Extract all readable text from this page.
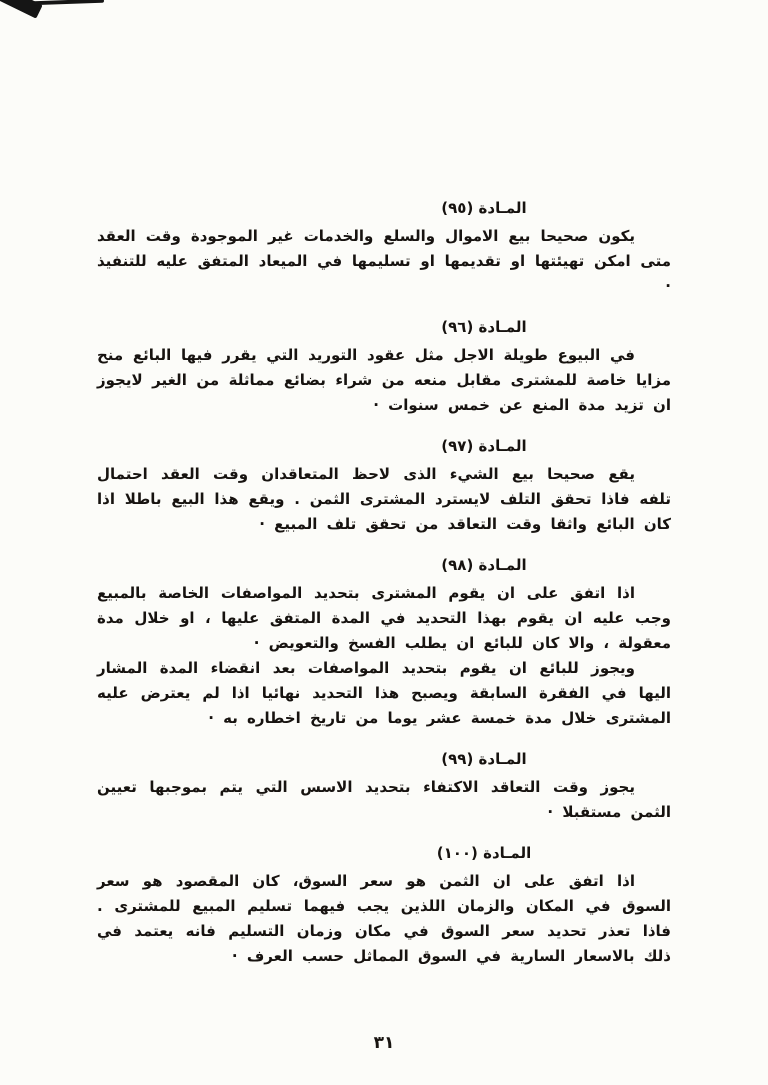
المـادة (٩٥)

يكون صحيحا بيع الاموال والسلع والخدمات غير الموجودة وقت العقد متى امكن تهيئتها او تقديمها او تسليمها في الميعاد المتفق عليه للتنفيذ ·

المـادة (٩٦)

في البيوع طويلة الاجل مثل عقود التوريد التي يقرر فيها البائع منح مزايا خاصة للمشترى مقابل منعه من شراء بضائع مماثلة من الغير لايجوز ان تزيد مدة المنع عن خمس سنوات ·

المـادة (٩٧)

يقع صحيحا بيع الشيء الذى لاحظ المتعاقدان وقت العقد احتمال تلفه فاذا تحقق التلف لايسترد المشترى الثمن . ويقع هذا البيع باطلا اذا كان البائع واثقا وقت التعاقد من تحقق تلف المبيع ·

المـادة (٩٨)

اذا اتفق على ان يقوم المشترى بتحديد المواصفات الخاصة بالمبيع وجب عليه ان يقوم بهذا التحديد في المدة المتفق عليها ، او خلال مدة معقولة ، والا كان للبائع ان يطلب الفسخ والتعويض ·

ويجوز للبائع ان يقوم بتحديد المواصفات بعد انقضاء المدة المشار اليها في الفقرة السابقة ويصبح هذا التحديد نهائيا اذا لم يعترض عليه المشترى خلال مدة خمسة عشر يوما من تاريخ اخطاره به ·

المـادة (٩٩)

يجوز وقت التعاقد الاكتفاء بتحديد الاسس التي يتم بموجبها تعيين الثمن مستقبلا ·

المـادة (١٠٠)

اذا اتفق على ان الثمن هو سعر السوق، كان المقصود هو سعر السوق في المكان والزمان اللذين يجب فيهما تسليم المبيع للمشترى . فاذا تعذر تحديد سعر السوق في مكان وزمان التسليم فانه يعتمد في ذلك بالاسعار السارية في السوق المماثل حسب العرف ·

٣١
